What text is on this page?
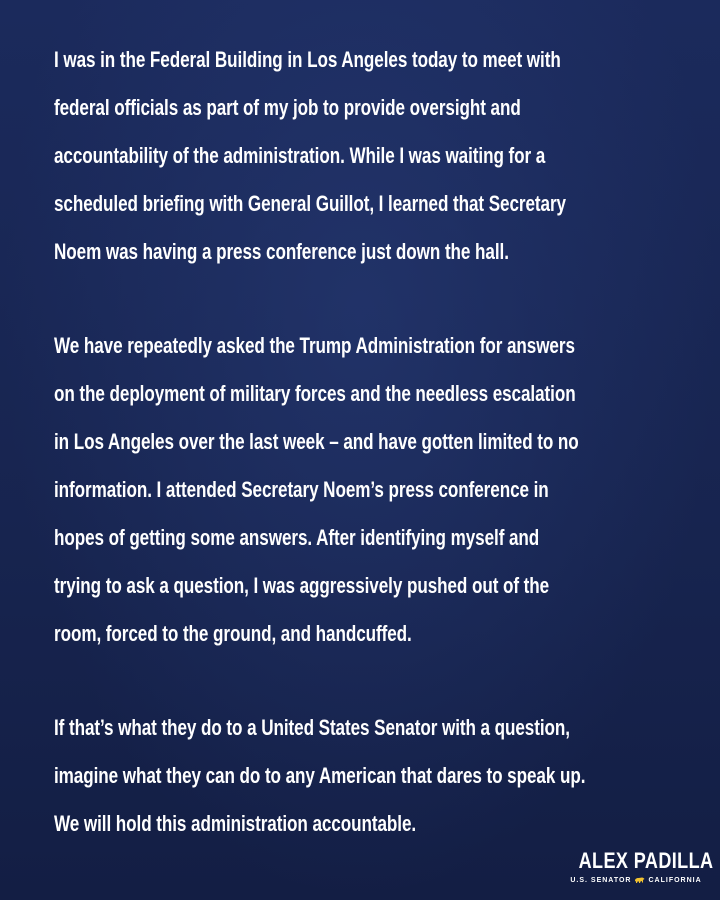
I was in the Federal Building in Los Angeles today to meet with
federal officials as part of my job to provide oversight and
accountability of the administration. While I was waiting for a
scheduled briefing with General Guillot, I learned that Secretary
Noem was having a press conference just down the hall.
We have repeatedly asked the Trump Administration for answers
on the deployment of military forces and the needless escalation
in Los Angeles over the last week – and have gotten limited to no
information. I attended Secretary Noem’s press conference in
hopes of getting some answers. After identifying myself and
trying to ask a question, I was aggressively pushed out of the
room, forced to the ground, and handcuffed.
If that’s what they do to a United States Senator with a question,
imagine what they can do to any American that dares to speak up.
We will hold this administration accountable.
ALEX PADILLA
U.S. SENATOR CALIFORNIA
